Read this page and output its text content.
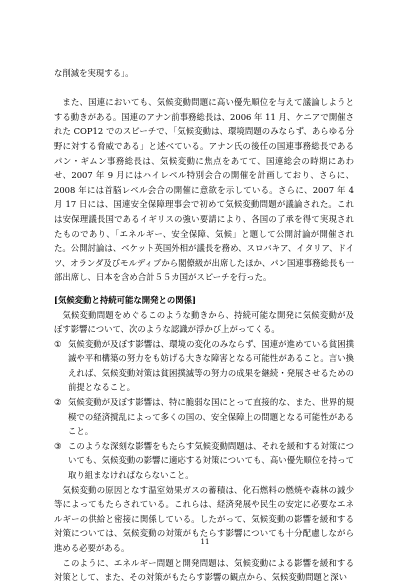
な削減を実現する」。

また、国連においても、気候変動問題に高い優先順位を与えて議論しようとする動きがある。国連のアナン前事務総長は、2006 年 11 月、ケニアで開催された COP12 でのスピーチで、「気候変動は、環境問題のみならず、あらゆる分野に対する脅威である」と述べている。アナン氏の後任の国連事務総長であるパン・ギムン事務総長は、気候変動に焦点をあてて、国連総会の時期にあわせ、2007 年 9 月にはハイレベル特別会合の開催を計画しており、さらに、2008 年には首脳レベル会合の開催に意欲を示している。さらに、2007 年 4 月 17 日には、国連安全保障理事会で初めて気候変動問題が議論された。これは安保理議長国であるイギリスの強い要請により、各国の了承を得て実現されたものであり、「エネルギー、安全保障、気候」と題して公開討論が開催された。公開討論は、ベケット英国外相が議長を務め、スロバキア、イタリア、ドイツ、オランダ及びモルディブから閣僚級が出席したほか、パン国連事務総長も一部出席し、日本を含め合計５５カ国がスピーチを行った。

[気候変動と持続可能な開発との関係]

気候変動問題をめぐるこのような動きから、持続可能な開発に気候変動が及ぼす影響について、次のような認識が浮かび上がってくる。

① 気候変動が及ぼす影響は、環境の変化のみならず、国連が進めている貧困撲滅や平和構築の努力をも妨げる大きな障害となる可能性があること。言い換えれば、気候変動対策は貧困撲滅等の努力の成果を継続・発展させるための前提となること。
② 気候変動が及ぼす影響は、特に脆弱な国にとって直接的な、また、世界的規模での経済撹乱によって多くの国の、安全保障上の問題となる可能性があること。
③ このような深刻な影響をもたらす気候変動問題は、それを緩和する対策についても、気候変動の影響に適応する対策についても、高い優先順位を持って取り組まなければならないこと。

気候変動の原因となす温室効果ガスの蓄積は、化石燃料の燃焼や森林の減少等によってもたらされている。これらは、経済発展や民生の安定に必要なエネルギーの供給と密接に関係している。したがって、気候変動の影響を緩和する対策については、気候変動の対策がもたらす影響についても十分配慮しながら進める必要がある。

このように、エネルギー問題と開発問題は、気候変動による影響を緩和する対策として、また、その対策がもたらす影響の観点から、気候変動問題と深い

11
